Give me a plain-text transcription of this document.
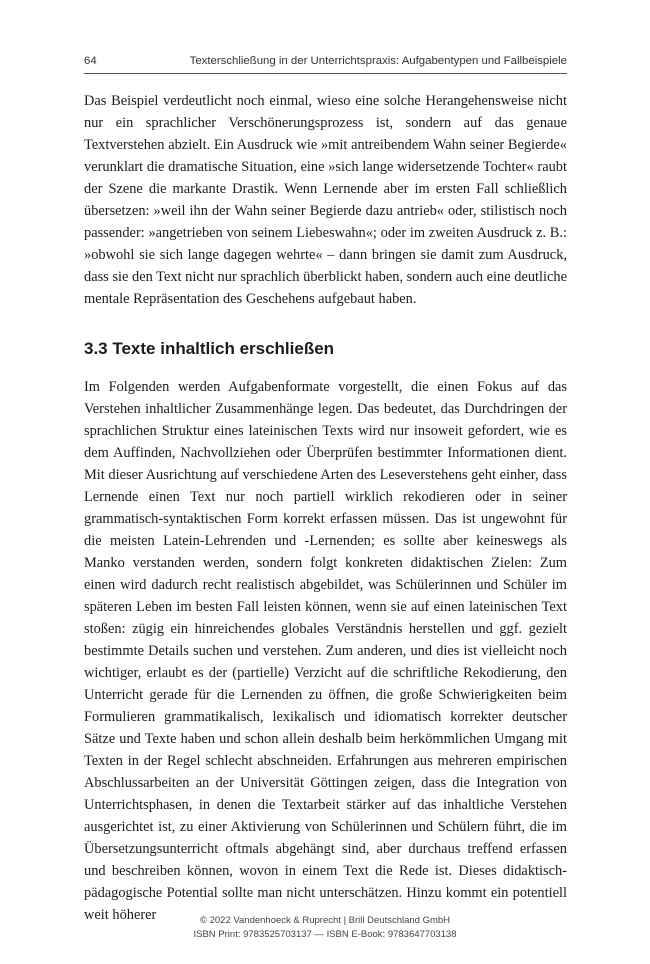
64	Texterschließung in der Unterrichtspraxis: Aufgabentypen und Fallbeispiele

Das Beispiel verdeutlicht noch einmal, wieso eine solche Herangehensweise nicht nur ein sprachlicher Verschönerungsprozess ist, sondern auf das genaue Textverstehen abzielt. Ein Ausdruck wie »mit antreibendem Wahn seiner Begierde« verunklart die dramatische Situation, eine »sich lange widersetzende Tochter« raubt der Szene die markante Drastik. Wenn Lernende aber im ersten Fall schließlich übersetzen: »weil ihn der Wahn seiner Begierde dazu antrieb« oder, stilistisch noch passender: »angetrieben von seinem Liebeswahn«; oder im zweiten Ausdruck z. B.: »obwohl sie sich lange dagegen wehrte« – dann bringen sie damit zum Ausdruck, dass sie den Text nicht nur sprachlich überblickt haben, sondern auch eine deutliche mentale Repräsentation des Geschehens aufgebaut haben.

3.3 Texte inhaltlich erschließen

Im Folgenden werden Aufgabenformate vorgestellt, die einen Fokus auf das Verstehen inhaltlicher Zusammenhänge legen. Das bedeutet, das Durchdringen der sprachlichen Struktur eines lateinischen Texts wird nur insoweit gefordert, wie es dem Auffinden, Nachvollziehen oder Überprüfen bestimmter Informationen dient. Mit dieser Ausrichtung auf verschiedene Arten des Leseverstehens geht einher, dass Lernende einen Text nur noch partiell wirklich rekodieren oder in seiner grammatisch-syntaktischen Form korrekt erfassen müssen. Das ist ungewohnt für die meisten Latein-Lehrenden und -Lernenden; es sollte aber keineswegs als Manko verstanden werden, sondern folgt konkreten didaktischen Zielen: Zum einen wird dadurch recht realistisch abgebildet, was Schülerinnen und Schüler im späteren Leben im besten Fall leisten können, wenn sie auf einen lateinischen Text stoßen: zügig ein hinreichendes globales Verständnis herstellen und ggf. gezielt bestimmte Details suchen und verstehen. Zum anderen, und dies ist vielleicht noch wichtiger, erlaubt es der (partielle) Verzicht auf die schriftliche Rekodierung, den Unterricht gerade für die Lernenden zu öffnen, die große Schwierigkeiten beim Formulieren grammatikalisch, lexikalisch und idiomatisch korrekter deutscher Sätze und Texte haben und schon allein deshalb beim herkömmlichen Umgang mit Texten in der Regel schlecht abschneiden. Erfahrungen aus mehreren empirischen Abschlussarbeiten an der Universität Göttingen zeigen, dass die Integration von Unterrichtsphasen, in denen die Textarbeit stärker auf das inhaltliche Verstehen ausgerichtet ist, zu einer Aktivierung von Schülerinnen und Schülern führt, die im Übersetzungsunterricht oftmals abgehängt sind, aber durchaus treffend erfassen und beschreiben können, wovon in einem Text die Rede ist. Dieses didaktisch-pädagogische Potential sollte man nicht unterschätzen. Hinzu kommt ein potentiell weit höherer	© 2022 Vandenhoeck & Ruprecht | Brill Deutschland GmbH
ISBN Print: 9783525703137 — ISBN E-Book: 9783647703138
